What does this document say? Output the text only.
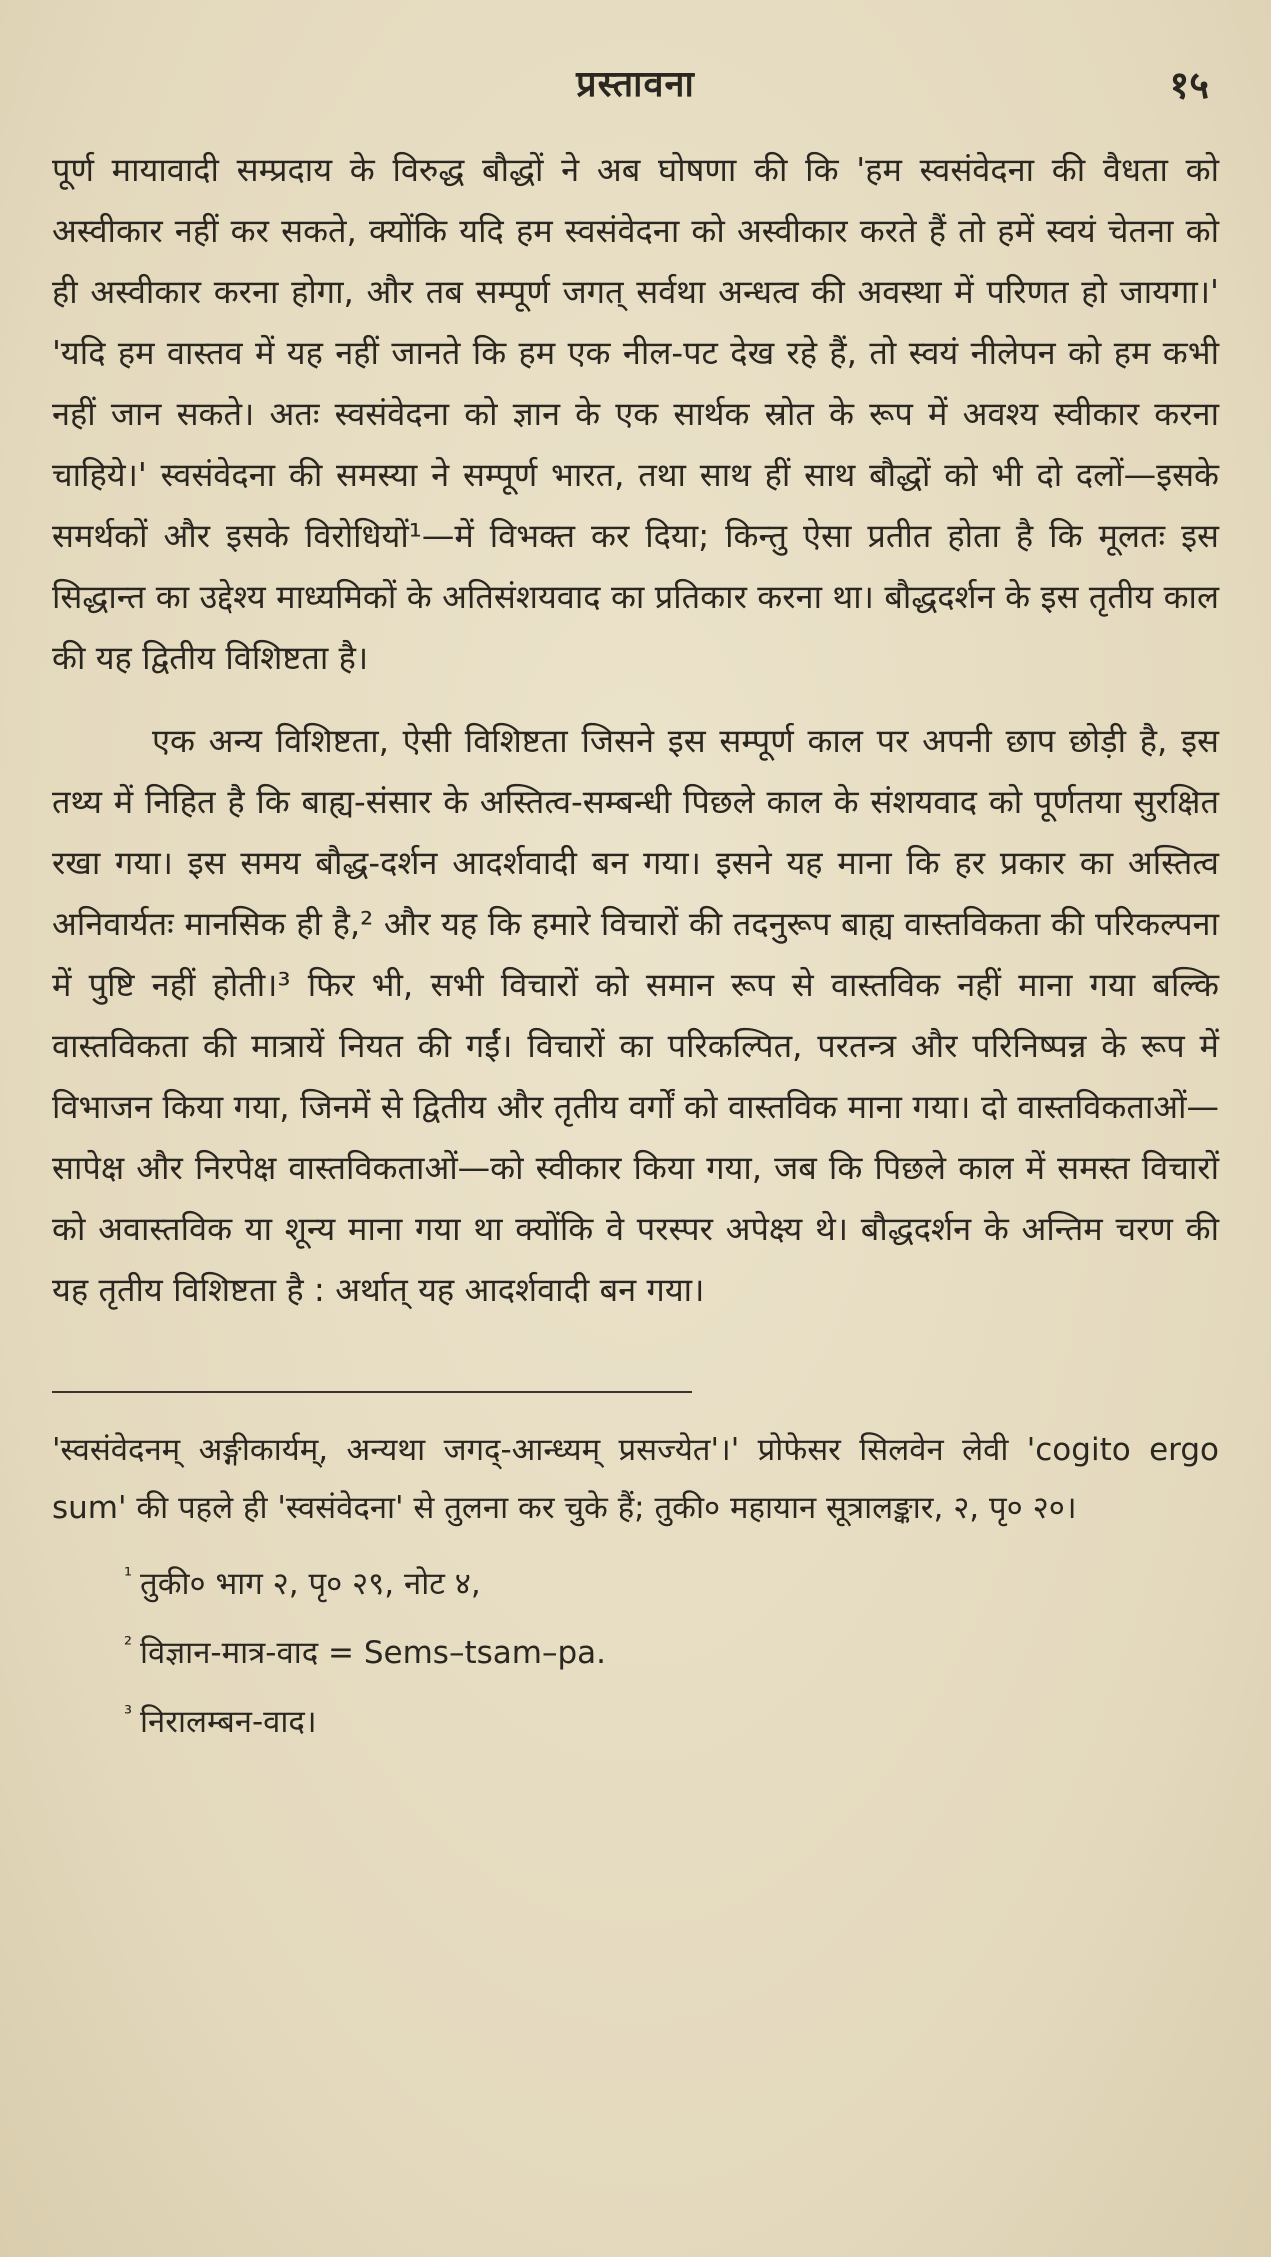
प्रस्तावना	१५

पूर्ण मायावादी सम्प्रदाय के विरुद्ध बौद्धों ने अब घोषणा की कि 'हम स्वसंवेदना की वैधता को अस्वीकार नहीं कर सकते, क्योंकि यदि हम स्वसंवेदना को अस्वीकार करते हैं तो हमें स्वयं चेतना को ही अस्वीकार करना होगा, और तब सम्पूर्ण जगत् सर्वथा अन्धत्व की अवस्था में परिणत हो जायगा।' 'यदि हम वास्तव में यह नहीं जानते कि हम एक नील-पट देख रहे हैं, तो स्वयं नीलेपन को हम कभी नहीं जान सकते। अतः स्वसंवेदना को ज्ञान के एक सार्थक स्रोत के रूप में अवश्य स्वीकार करना चाहिये।' स्वसंवेदना की समस्या ने सम्पूर्ण भारत, तथा साथ हीं साथ बौद्धों को भी दो दलों—इसके समर्थकों और इसके विरोधियों¹—में विभक्त कर दिया; किन्तु ऐसा प्रतीत होता है कि मूलतः इस सिद्धान्त का उद्देश्य माध्यमिकों के अतिसंशयवाद का प्रतिकार करना था। बौद्धदर्शन के इस तृतीय काल की यह द्वितीय विशिष्टता है।

एक अन्य विशिष्टता, ऐसी विशिष्टता जिसने इस सम्पूर्ण काल पर अपनी छाप छोड़ी है, इस तथ्य में निहित है कि बाह्य-संसार के अस्तित्व-सम्बन्धी पिछले काल के संशयवाद को पूर्णतया सुरक्षित रखा गया। इस समय बौद्ध-दर्शन आदर्शवादी बन गया। इसने यह माना कि हर प्रकार का अस्तित्व अनिवार्यतः मानसिक ही है,² और यह कि हमारे विचारों की तदनुरूप बाह्य वास्तविकता की परिकल्पना में पुष्टि नहीं होती।³ फिर भी, सभी विचारों को समान रूप से वास्तविक नहीं माना गया बल्कि वास्तविकता की मात्रायें नियत की गईं। विचारों का परिकल्पित, परतन्त्र और परिनिष्पन्न के रूप में विभाजन किया गया, जिनमें से द्वितीय और तृतीय वर्गों को वास्तविक माना गया। दो वास्तविकताओं—सापेक्ष और निरपेक्ष वास्तविकताओं—को स्वीकार किया गया, जब कि पिछले काल में समस्त विचारों को अवास्तविक या शून्य माना गया था क्योंकि वे परस्पर अपेक्ष्य थे। बौद्धदर्शन के अन्तिम चरण की यह तृतीय विशिष्टता है : अर्थात् यह आदर्शवादी बन गया।

'स्वसंवेदनम् अङ्गीकार्यम्, अन्यथा जगद्-आन्ध्यम् प्रसज्येत'।' प्रोफेसर सिलवेन लेवी 'cogito ergo sum' की पहले ही 'स्वसंवेदना' से तुलना कर चुके हैं; तुकी० महायान सूत्रालङ्कार, २, पृ० २०।

$^{^1}$ तुकी० भाग २, पृ० २९, नोट ४,

$^{^2}$ विज्ञान-मात्र-वाद = Sems–tsam–pa.

$^{^3}$ निरालम्बन-वाद।
